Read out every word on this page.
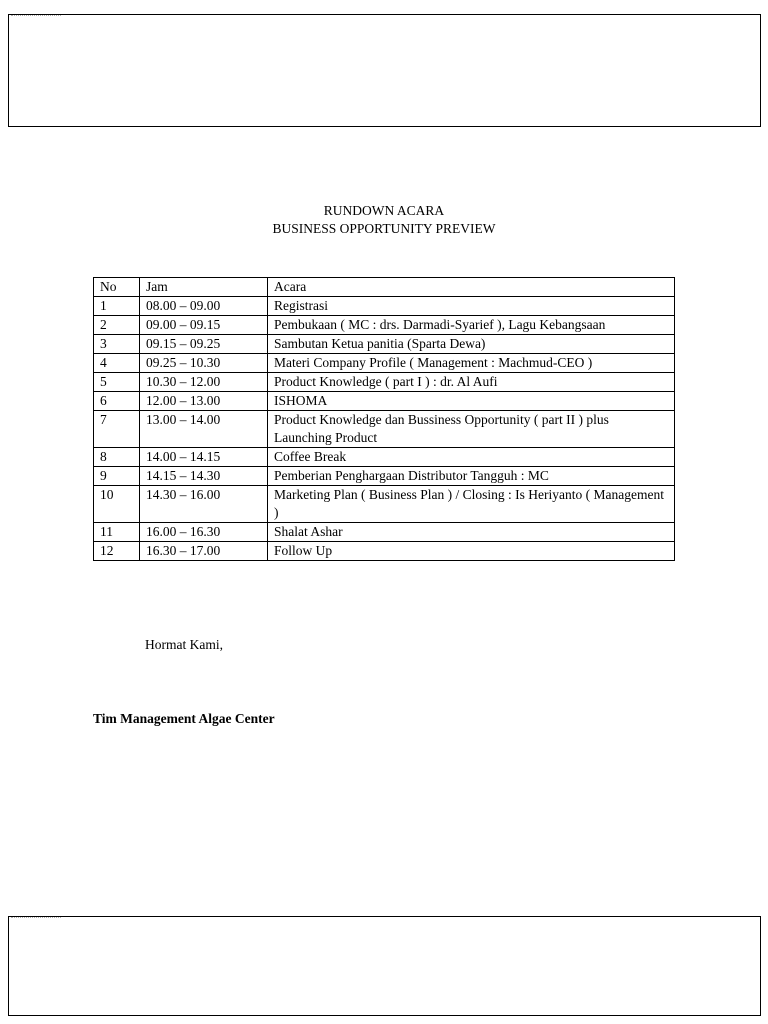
RUNDOWN ACARA
BUSINESS OPPORTUNITY PREVIEW
No	Jam	Acara
1	08.00 – 09.00	Registrasi
2	09.00 – 09.15	Pembukaan ( MC : drs. Darmadi-Syarief ), Lagu Kebangsaan
3	09.15 – 09.25	Sambutan Ketua panitia (Sparta Dewa)
4	09.25 – 10.30	Materi Company Profile ( Management : Machmud-CEO )
5	10.30 – 12.00	Product Knowledge ( part I ) : dr. Al Aufi
6	12.00 – 13.00	ISHOMA
7	13.00 – 14.00	Product Knowledge dan Bussiness Opportunity ( part II ) plus Launching Product
8	14.00 – 14.15	Coffee Break
9	14.15 – 14.30	Pemberian Penghargaan Distributor Tangguh : MC
10	14.30 – 16.00	Marketing Plan ( Business Plan ) / Closing : Is Heriyanto ( Management )
11	16.00 – 16.30	Shalat Ashar
12	16.30 – 17.00	Follow Up
Hormat Kami,
Tim Management Algae Center
